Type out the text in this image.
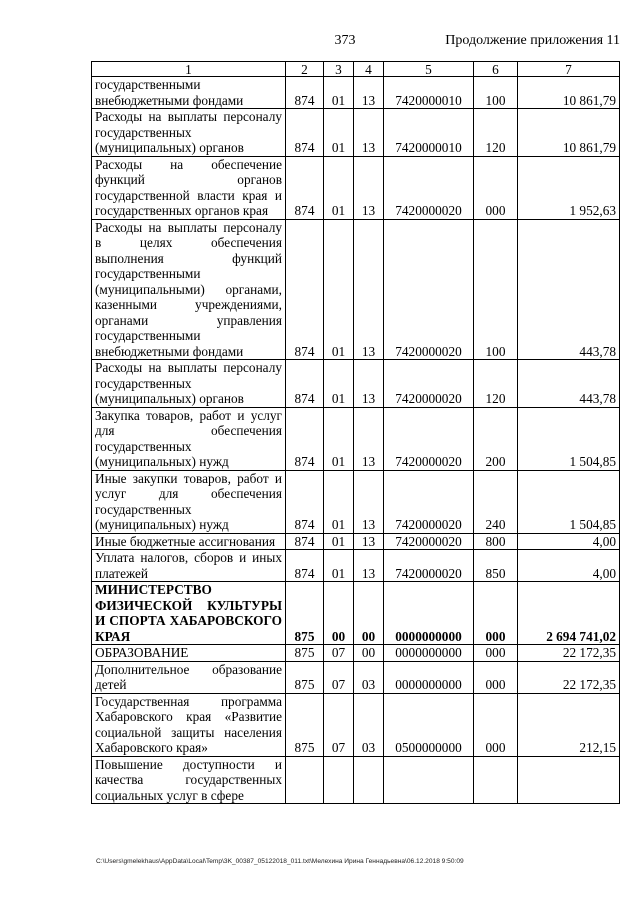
373	Продолжение приложения 11
1	2	3	4	5	6	7
государственными внебюджетными фондами	874	01	13	7420000010	100	10 861,79
Расходы на выплаты персоналу государственных (муниципальных) органов	874	01	13	7420000010	120	10 861,79
Расходы на обеспечение функций органов государственной власти края и государственных органов края	874	01	13	7420000020	000	1 952,63
Расходы на выплаты персоналу в целях обеспечения выполнения функций государственными (муниципальными) органами, казенными учреждениями, органами управления государственными внебюджетными фондами	874	01	13	7420000020	100	443,78
Расходы на выплаты персоналу государственных (муниципальных) органов	874	01	13	7420000020	120	443,78
Закупка товаров, работ и услуг для обеспечения государственных (муниципальных) нужд	874	01	13	7420000020	200	1 504,85
Иные закупки товаров, работ и услуг для обеспечения государственных (муниципальных) нужд	874	01	13	7420000020	240	1 504,85
Иные бюджетные ассигнования	874	01	13	7420000020	800	4,00
Уплата налогов, сборов и иных платежей	874	01	13	7420000020	850	4,00
МИНИСТЕРСТВО ФИЗИЧЕСКОЙ КУЛЬТУРЫ И СПОРТА ХАБАРОВСКОГО КРАЯ	875	00	00	0000000000	000	2 694 741,02
ОБРАЗОВАНИЕ	875	07	00	0000000000	000	22 172,35
Дополнительное образование детей	875	07	03	0000000000	000	22 172,35
Государственная программа Хабаровского края «Развитие социальной защиты населения Хабаровского края»	875	07	03	0500000000	000	212,15
Повышение доступности и качества государственных социальных услуг в сфере						
C:\Users\gmelekhaus\AppData\Local\Temp\3K_00387_05122018_011.txt\Мелехина Ирина Геннадьевна\06.12.2018 9:50:09
